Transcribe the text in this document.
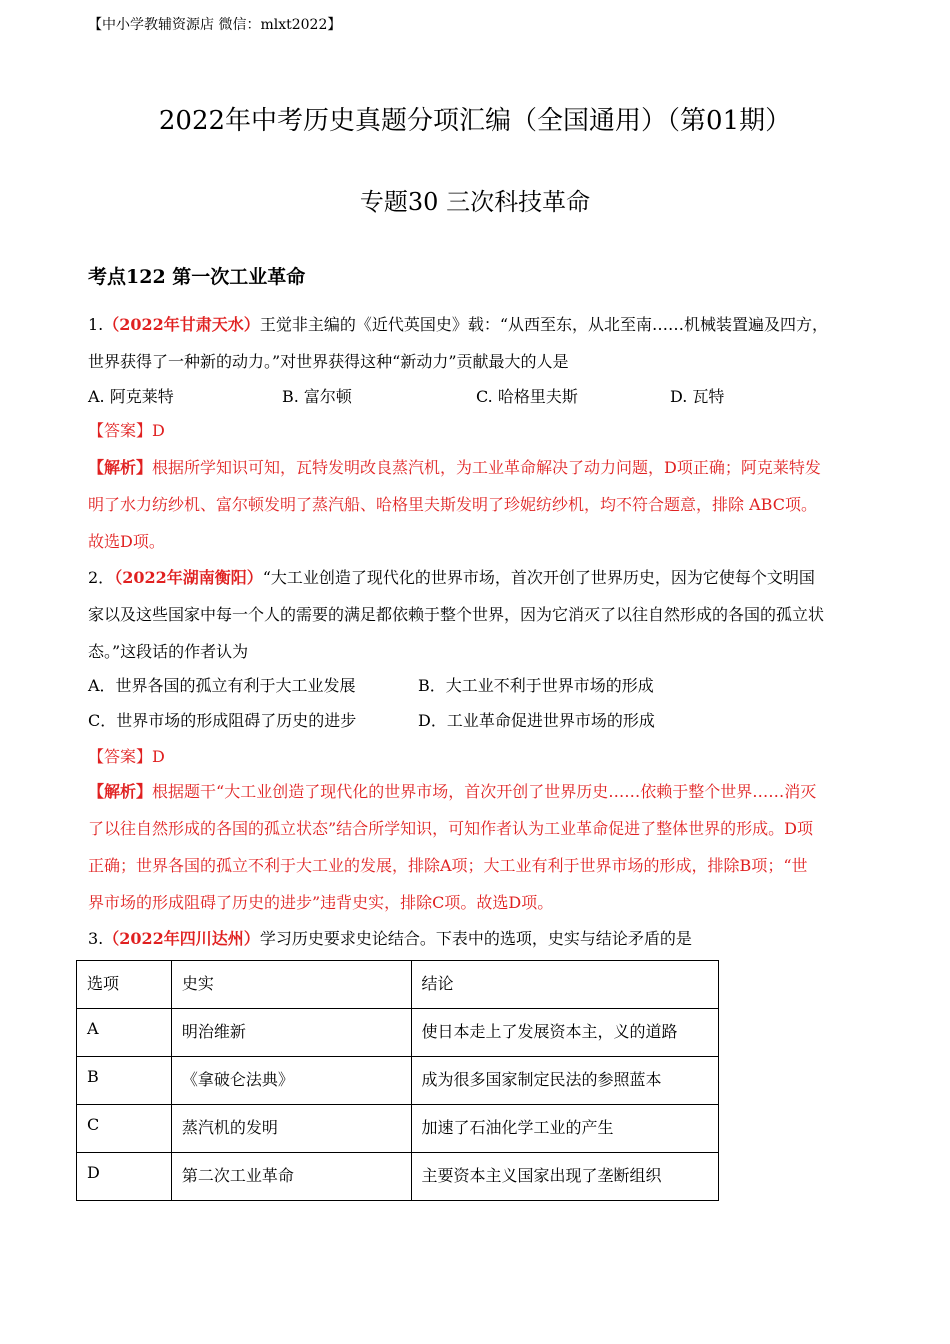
【中小学教辅资源店 微信：mlxt2022】
2022年中考历史真题分项汇编（全国通用）（第01期）
专题30 三次科技革命
考点122 第一次工业革命
1.（2022年甘肃天水）王觉非主编的《近代英国史》载：“从西至东，从北至南……机械装置遍及四方，
世界获得了一种新的动力。”对世界获得这种“新动力”贡献最大的人是
A. 阿克莱特	B. 富尔顿	C. 哈格里夫斯	D. 瓦特
【答案】D
【解析】根据所学知识可知，瓦特发明改良蒸汽机，为工业革命解决了动力问题，D项正确；阿克莱特发
明了水力纺纱机、富尔顿发明了蒸汽船、哈格里夫斯发明了珍妮纺纱机，均不符合题意，排除 ABC项。
故选D项。
2．（2022年湖南衡阳）“大工业创造了现代化的世界市场，首次开创了世界历史，因为它使每个文明国
家以及这些国家中每一个人的需要的满足都依赖于整个世界，因为它消灭了以往自然形成的各国的孤立状
态。”这段话的作者认为
A．世界各国的孤立有利于大工业发展	B．大工业不利于世界市场的形成
C．世界市场的形成阻碍了历史的进步	D．工业革命促进世界市场的形成
【答案】D
【解析】根据题干“大工业创造了现代化的世界市场，首次开创了世界历史……依赖于整个世界……消灭
了以往自然形成的各国的孤立状态”结合所学知识，可知作者认为工业革命促进了整体世界的形成。D项
正确；世界各国的孤立不利于大工业的发展，排除A项；大工业有利于世界市场的形成，排除B项；“世
界市场的形成阻碍了历史的进步”违背史实，排除C项。故选D项。
3.（2022年四川达州）学习历史要求史论结合。下表中的选项，史实与结论矛盾的是
选项	史实	结论
A	明治维新	使日本走上了发展资本主，义的道路
B	《拿破仑法典》	成为很多国家制定民法的参照蓝本
C	蒸汽机的发明	加速了石油化学工业的产生
D	第二次工业革命	主要资本主义国家出现了垄断组织
